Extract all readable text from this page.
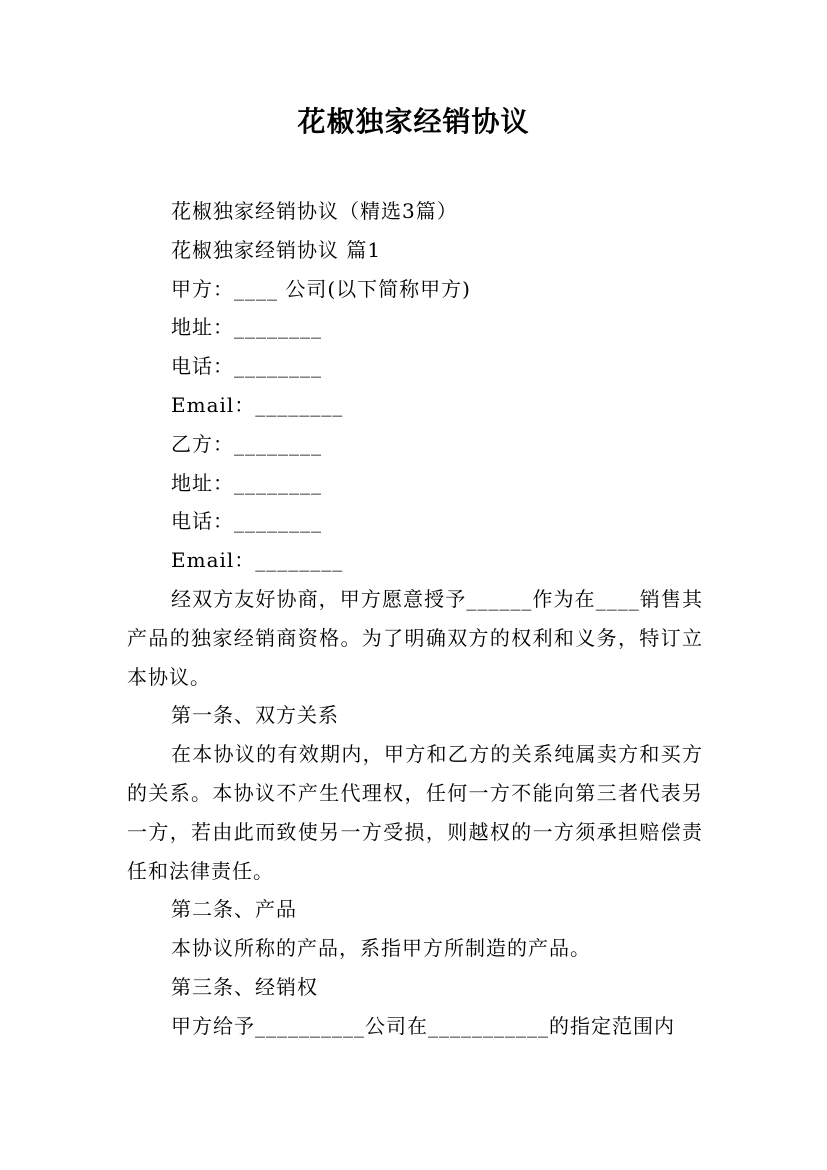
花椒独家经销协议

花椒独家经销协议（精选3篇）

花椒独家经销协议 篇1

甲方：____ 公司(以下简称甲方)

地址：________

电话：________

Email：________

乙方：________

地址：________

电话：________

Email：________

经双方友好协商，甲方愿意授予______作为在____销售其产品的独家经销商资格。为了明确双方的权利和义务，特订立本协议。

第一条、双方关系

在本协议的有效期内，甲方和乙方的关系纯属卖方和买方的关系。本协议不产生代理权，任何一方不能向第三者代表另一方，若由此而致使另一方受损，则越权的一方须承担赔偿责任和法律责任。

第二条、产品

本协议所称的产品，系指甲方所制造的产品。

第三条、经销权

甲方给予__________公司在___________的指定范围内
